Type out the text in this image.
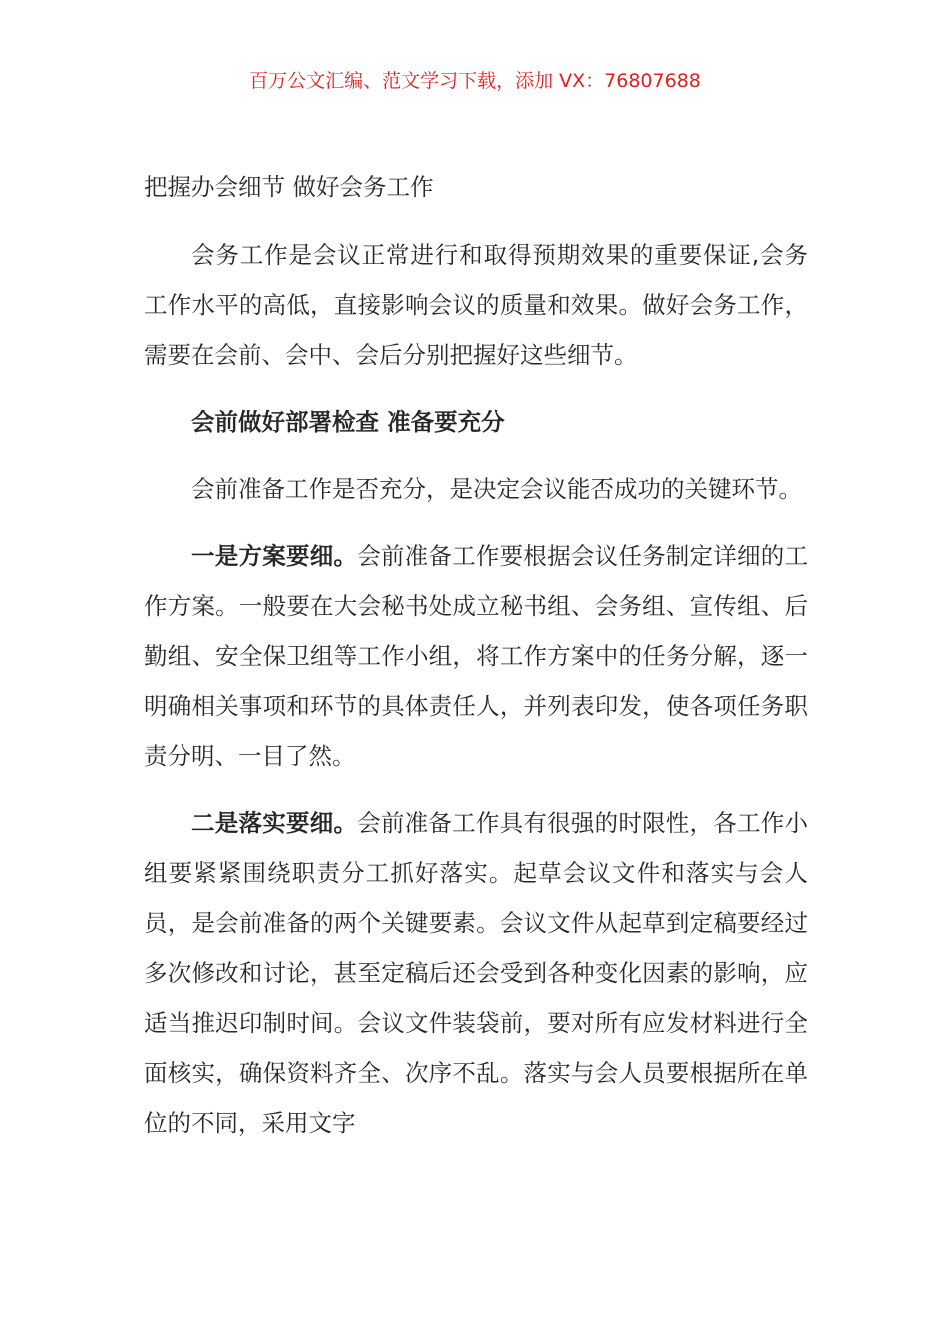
百万公文汇编、范文学习下载，添加 VX：76807688
把握办会细节 做好会务工作

会务工作是会议正常进行和取得预期效果的重要保证,会务工作水平的高低，直接影响会议的质量和效果。做好会务工作，需要在会前、会中、会后分别把握好这些细节。

会前做好部署检查 准备要充分

会前准备工作是否充分，是决定会议能否成功的关键环节。

一是方案要细。会前准备工作要根据会议任务制定详细的工作方案。一般要在大会秘书处成立秘书组、会务组、宣传组、后勤组、安全保卫组等工作小组，将工作方案中的任务分解，逐一明确相关事项和环节的具体责任人，并列表印发，使各项任务职责分明、一目了然。

二是落实要细。会前准备工作具有很强的时限性，各工作小组要紧紧围绕职责分工抓好落实。起草会议文件和落实与会人员，是会前准备的两个关键要素。会议文件从起草到定稿要经过多次修改和讨论，甚至定稿后还会受到各种变化因素的影响，应适当推迟印制时间。会议文件装袋前，要对所有应发材料进行全面核实，确保资料齐全、次序不乱。落实与会人员要根据所在单位的不同，采用文字
